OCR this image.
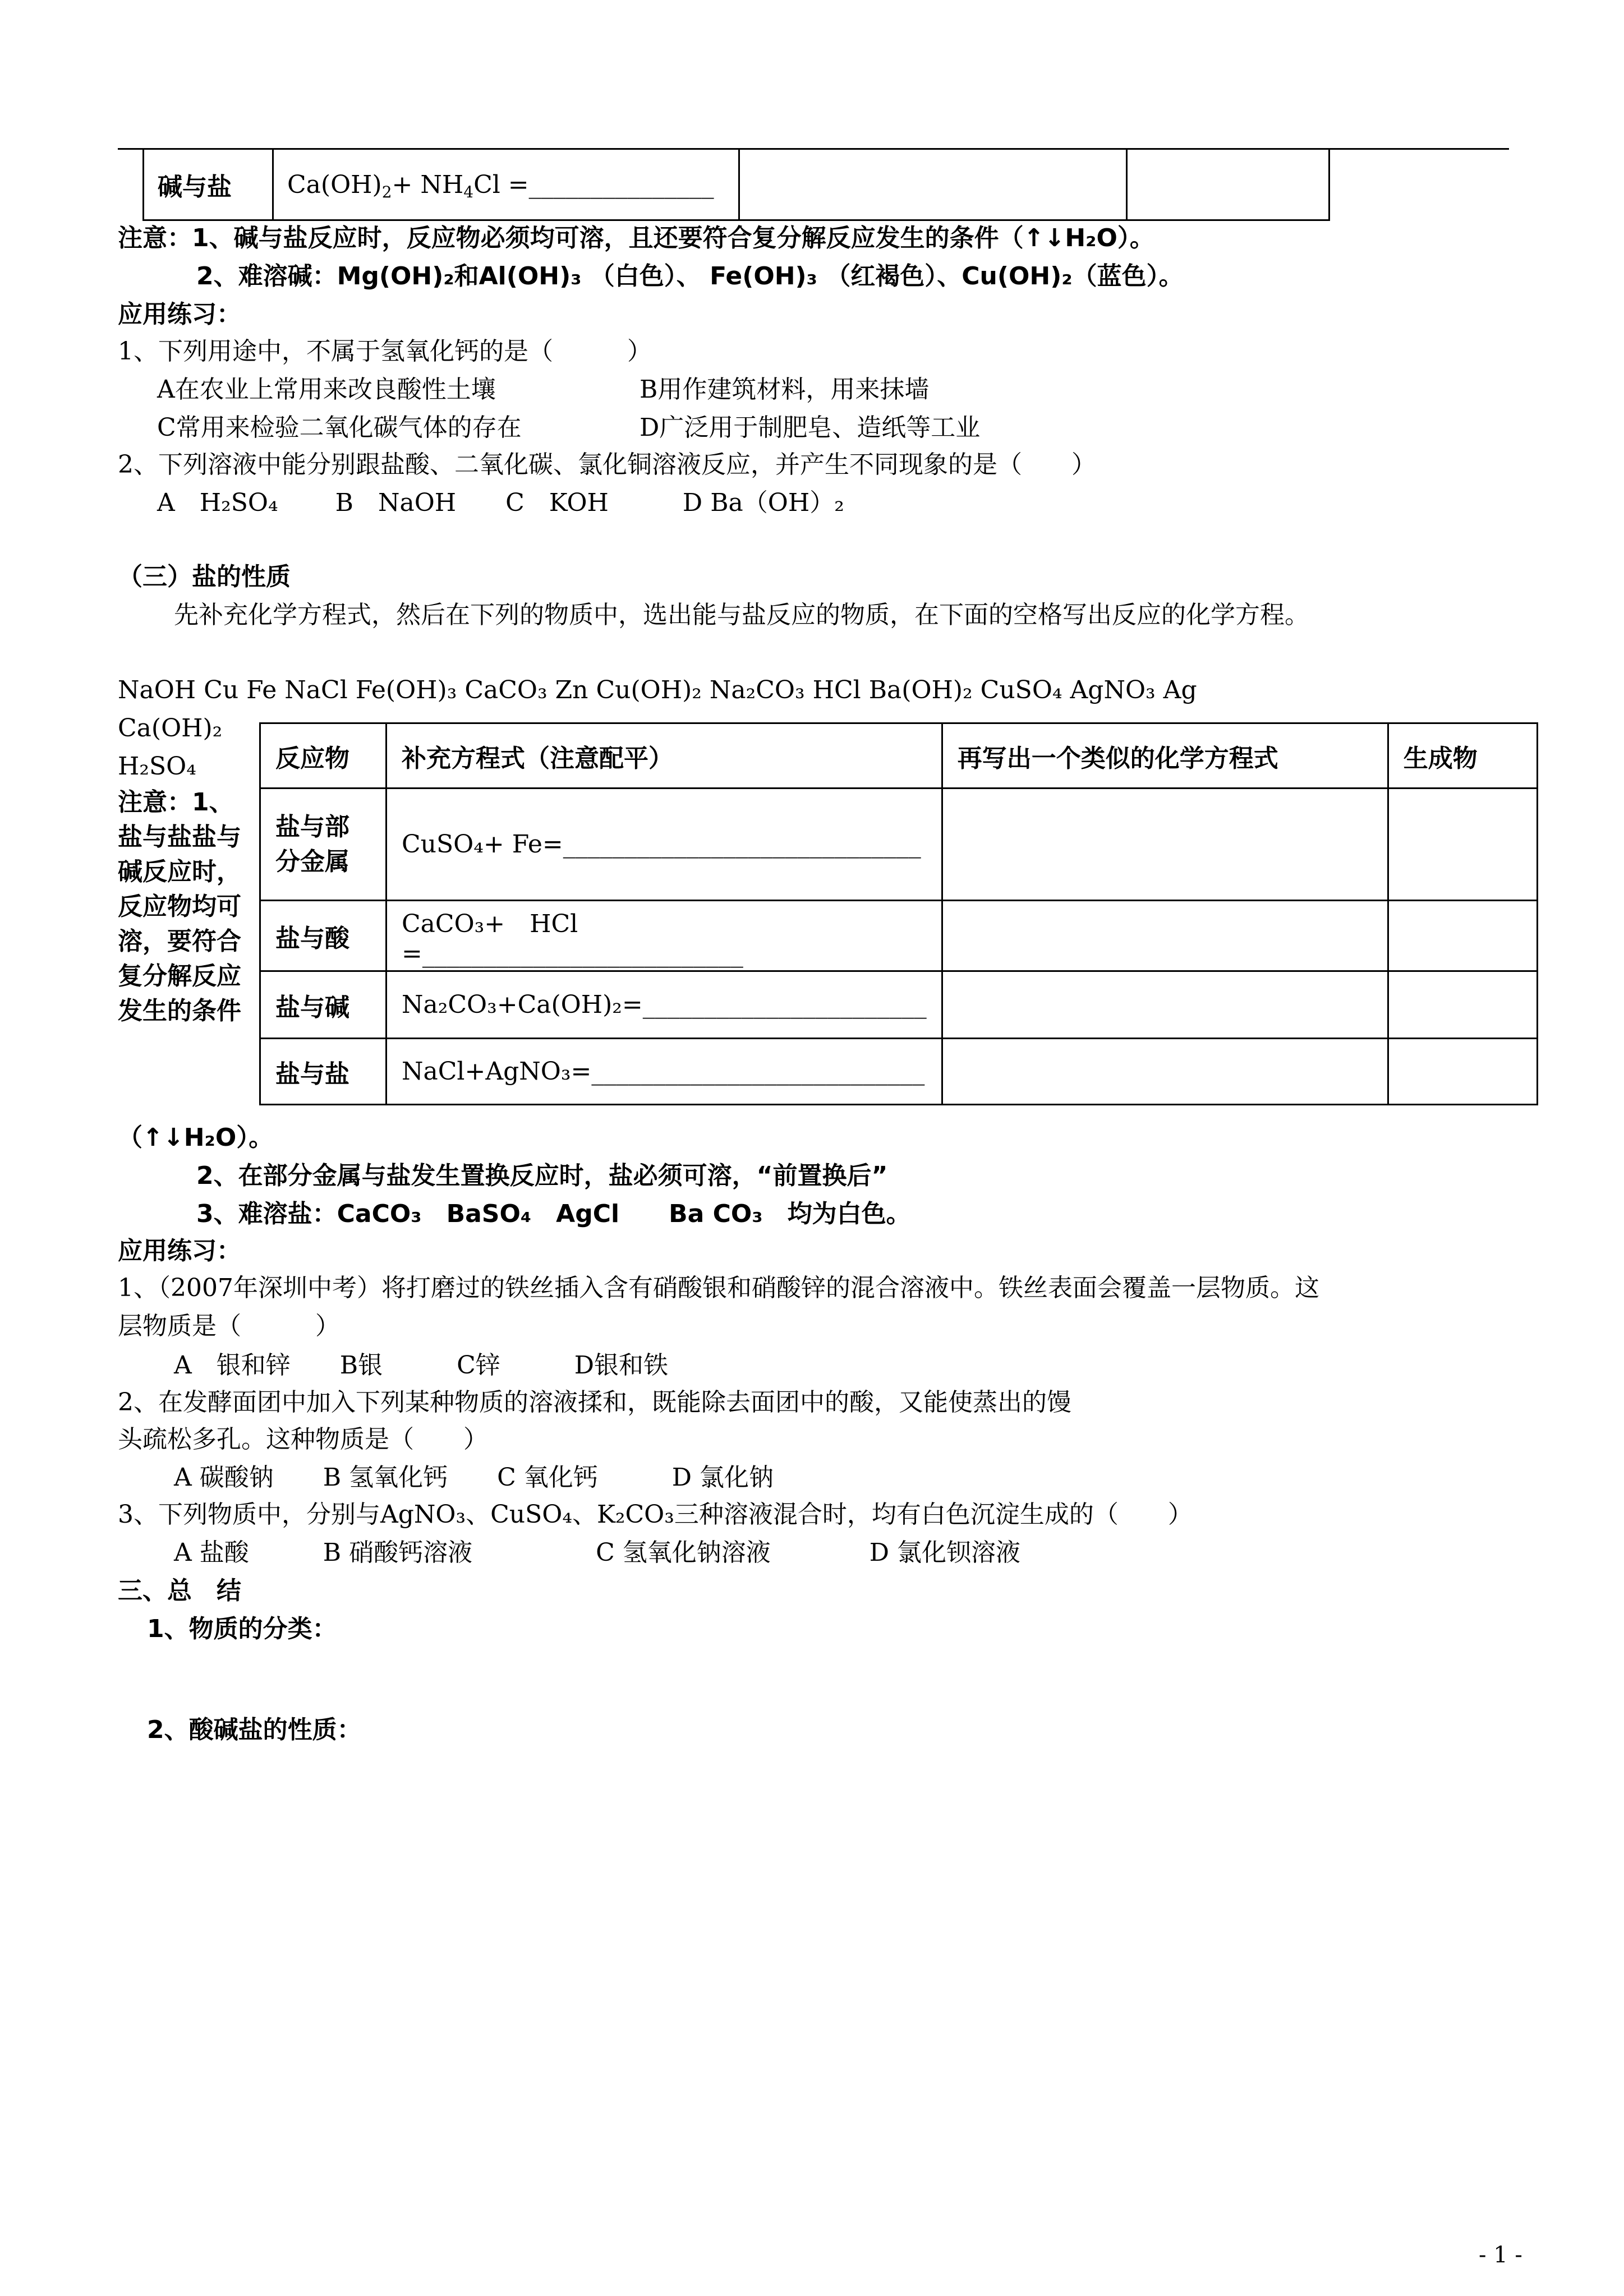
碱与盐	$Ca(OH)_2+ NH_4Cl$ =_______________		
注意：1、碱与盐反应时，反应物必须均可溶，且还要符合复分解反应发生的条件（↑↓H₂O）。
2、难溶碱：Mg(OH)₂和Al(OH)₃ （白色）、 Fe(OH)₃ （红褐色）、Cu(OH)₂（蓝色）。
应用练习：
1、下列用途中，不属于氢氧化钙的是（　　　）
A在农业上常用来改良酸性土壤	B用作建筑材料，用来抹墙
C常用来检验二氧化碳气体的存在	D广泛用于制肥皂、造纸等工业
2、下列溶液中能分别跟盐酸、二氧化碳、氯化铜溶液反应，并产生不同现象的是（　　）
A　H₂SO₄　　 B　NaOH　　C　KOH　　　D Ba（OH）₂
（三）盐的性质
先补充化学方程式，然后在下列的物质中，选出能与盐反应的物质，在下面的空格写出反应的化学方程。
NaOH Cu Fe NaCl Fe(OH)₃ CaCO₃ Zn Cu(OH)₂ Na₂CO₃ HCl Ba(OH)₂ CuSO₄ AgNO₃ Ag
Ca(OH)₂
H₂SO₄	反应物	补充方程式（注意配平）	再写出一个类似的化学方程式	生成物
盐与部分金属	CuSO₄+ Fe=_____________________________		
盐与酸	CaCO₃+　HCl =__________________________		
盐与碱	Na₂CO₃+Ca(OH)₂=_______________________		
盐与盐	NaCl+AgNO₃=___________________________		
注意：1、盐与盐盐与碱反应时，反应物均可溶，要符合复分解反应发生的条件
（↑↓H₂O）。
2、在部分金属与盐发生置换反应时，盐必须可溶，“前置换后”
3、难溶盐：CaCO₃　BaSO₄　AgCl　　Ba CO₃　均为白色。
应用练习：
1、（2007年深圳中考）将打磨过的铁丝插入含有硝酸银和硝酸锌的混合溶液中。铁丝表面会覆盖一层物质。这
层物质是（　　　）
A　银和锌　　B银　　　C锌　　　D银和铁
2、在发酵面团中加入下列某种物质的溶液揉和，既能除去面团中的酸，又能使蒸出的馒
头疏松多孔。这种物质是（　　）
A 碳酸钠　　B 氢氧化钙　　C 氧化钙　　　D 氯化钠
3、下列物质中，分别与AgNO₃、CuSO₄、K₂CO₃三种溶液混合时，均有白色沉淀生成的（　　）
A 盐酸　　　B 硝酸钙溶液　　　　　C 氢氧化钠溶液　　　　D 氯化钡溶液
三、总　结
1、物质的分类：
2、酸碱盐的性质：
- 1 -
